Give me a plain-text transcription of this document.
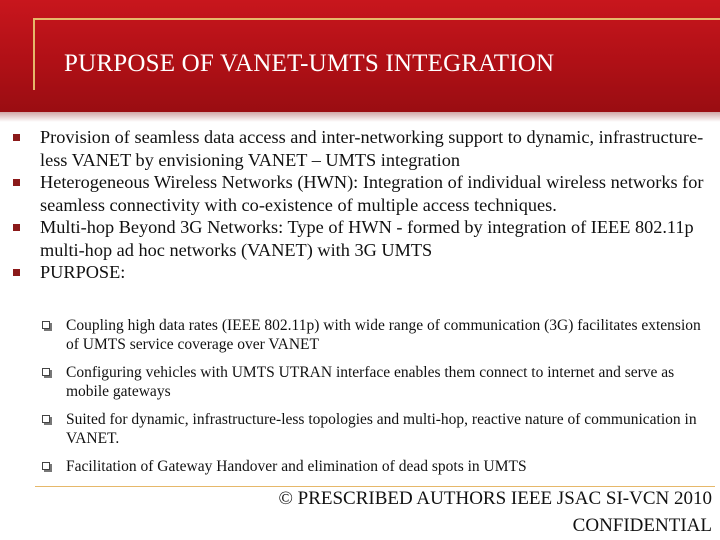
PURPOSE OF VANET-UMTS INTEGRATION
Provision of seamless data access and inter-networking support to dynamic, infrastructure-less VANET by envisioning VANET – UMTS integration
Heterogeneous Wireless Networks (HWN): Integration of individual wireless networks for seamless connectivity with co-existence of multiple access techniques.
Multi-hop Beyond 3G Networks: Type of HWN - formed by integration of IEEE 802.11p multi-hop ad hoc networks (VANET) with 3G UMTS
PURPOSE:
Coupling high data rates (IEEE 802.11p) with wide range of communication (3G) facilitates extension of UMTS service coverage over VANET
Configuring vehicles with UMTS UTRAN interface enables them connect to internet and serve as mobile gateways
Suited for dynamic, infrastructure-less topologies and multi-hop, reactive nature of communication in VANET.
Facilitation of Gateway Handover and elimination of dead spots in UMTS
© PRESCRIBED AUTHORS IEEE JSAC SI-VCN 2010
CONFIDENTIAL
